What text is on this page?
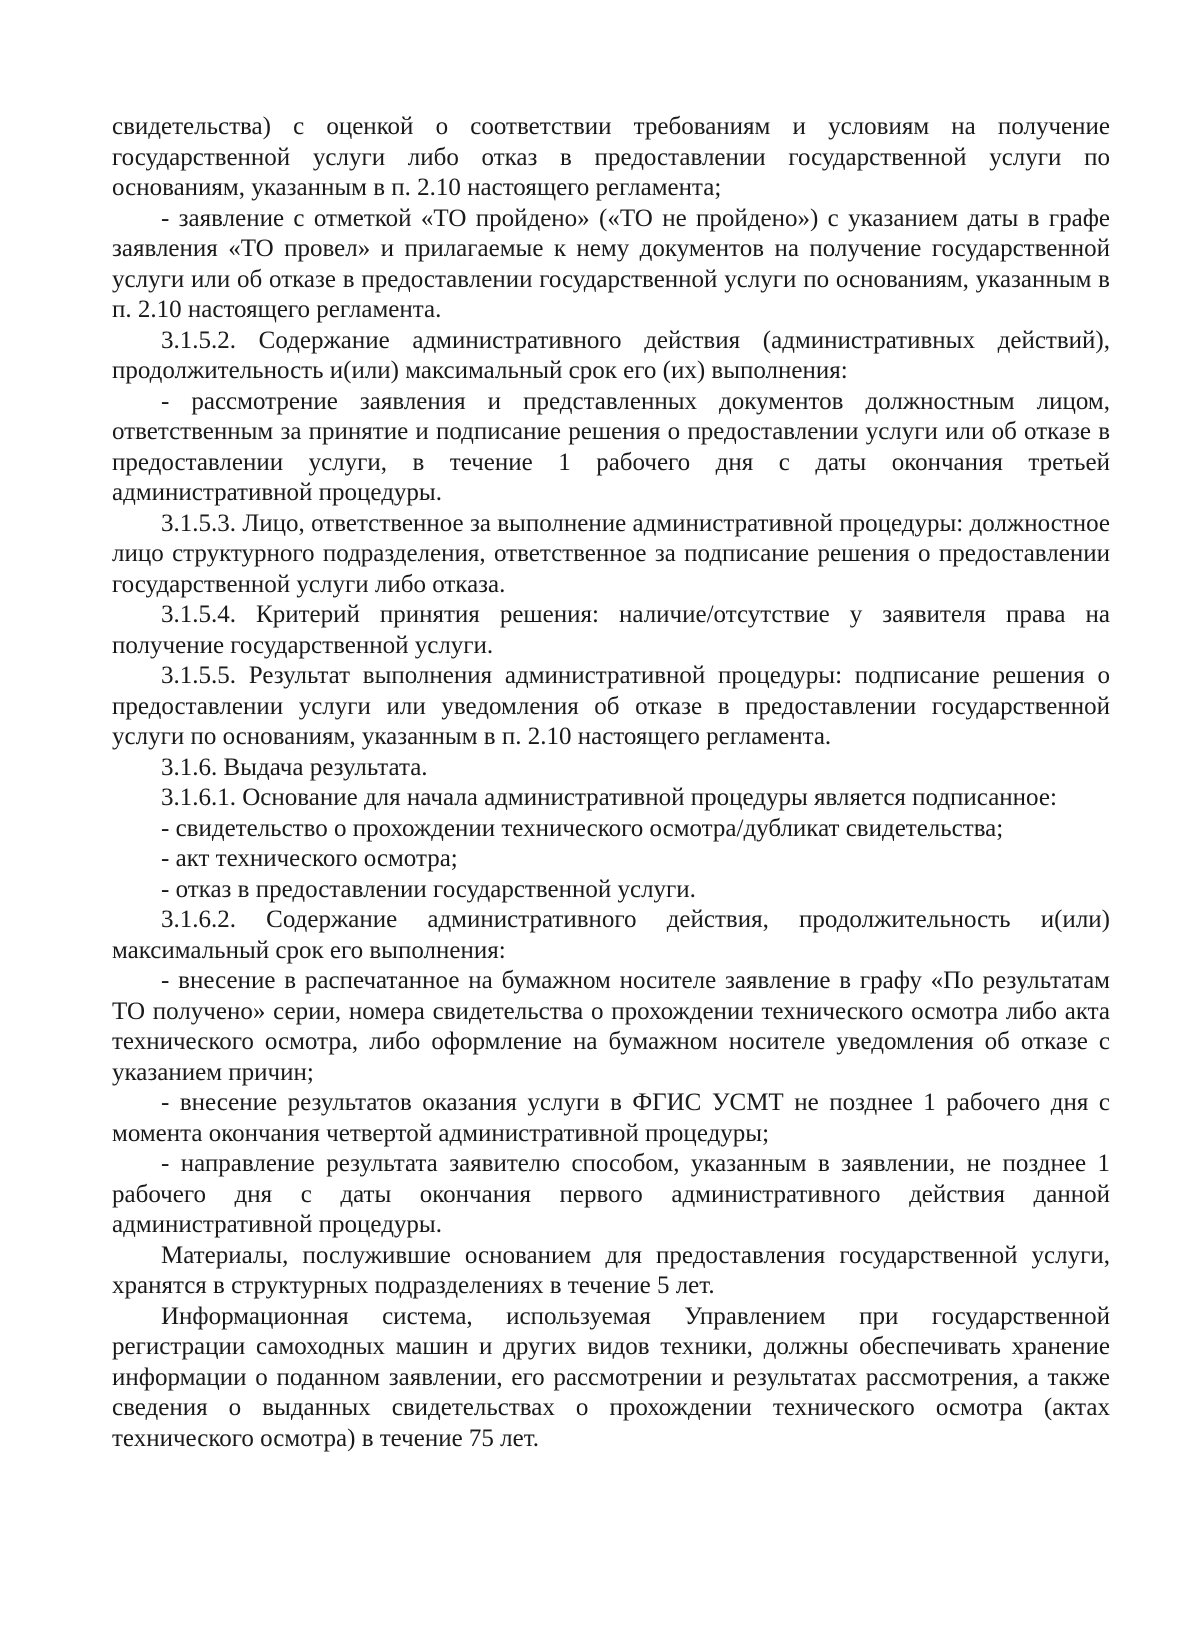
свидетельства) с оценкой о соответствии требованиям и условиям на получение государственной услуги либо отказ в предоставлении государственной услуги по основаниям, указанным в п. 2.10 настоящего регламента;

- заявление с отметкой «ТО пройдено» («ТО не пройдено») с указанием даты в графе заявления «ТО провел» и прилагаемые к нему документов на получение государственной услуги или об отказе в предоставлении государственной услуги по основаниям, указанным в п. 2.10 настоящего регламента.

3.1.5.2. Содержание административного действия (административных действий), продолжительность и(или) максимальный срок его (их) выполнения:

- рассмотрение заявления и представленных документов должностным лицом, ответственным за принятие и подписание решения о предоставлении услуги или об отказе в предоставлении услуги, в течение 1 рабочего дня с даты окончания третьей административной процедуры.

3.1.5.3. Лицо, ответственное за выполнение административной процедуры: должностное лицо структурного подразделения, ответственное за подписание решения о предоставлении государственной услуги либо отказа.

3.1.5.4. Критерий принятия решения: наличие/отсутствие у заявителя права на получение государственной услуги.

3.1.5.5. Результат выполнения административной процедуры: подписание решения о предоставлении услуги или уведомления об отказе в предоставлении государственной услуги по основаниям, указанным в п. 2.10 настоящего регламента.

3.1.6. Выдача результата.

3.1.6.1. Основание для начала административной процедуры является подписанное:

- свидетельство о прохождении технического осмотра/дубликат свидетельства;

- акт технического осмотра;

- отказ в предоставлении государственной услуги.

3.1.6.2. Содержание административного действия, продолжительность и(или) максимальный срок его выполнения:

- внесение в распечатанное на бумажном носителе заявление в графу «По результатам ТО получено» серии, номера свидетельства о прохождении технического осмотра либо акта технического осмотра, либо оформление на бумажном носителе уведомления об отказе с указанием причин;

- внесение результатов оказания услуги в ФГИС УСМТ не позднее 1 рабочего дня с момента окончания четвертой административной процедуры;

- направление результата заявителю способом, указанным в заявлении, не позднее 1 рабочего дня с даты окончания первого административного действия данной административной процедуры.

Материалы, послужившие основанием для предоставления государственной услуги, хранятся в структурных подразделениях в течение 5 лет.

Информационная система, используемая Управлением при государственной регистрации самоходных машин и других видов техники, должны обеспечивать хранение информации о поданном заявлении, его рассмотрении и результатах рассмотрения, а также сведения о выданных свидетельствах о прохождении технического осмотра (актах технического осмотра) в течение 75 лет.
